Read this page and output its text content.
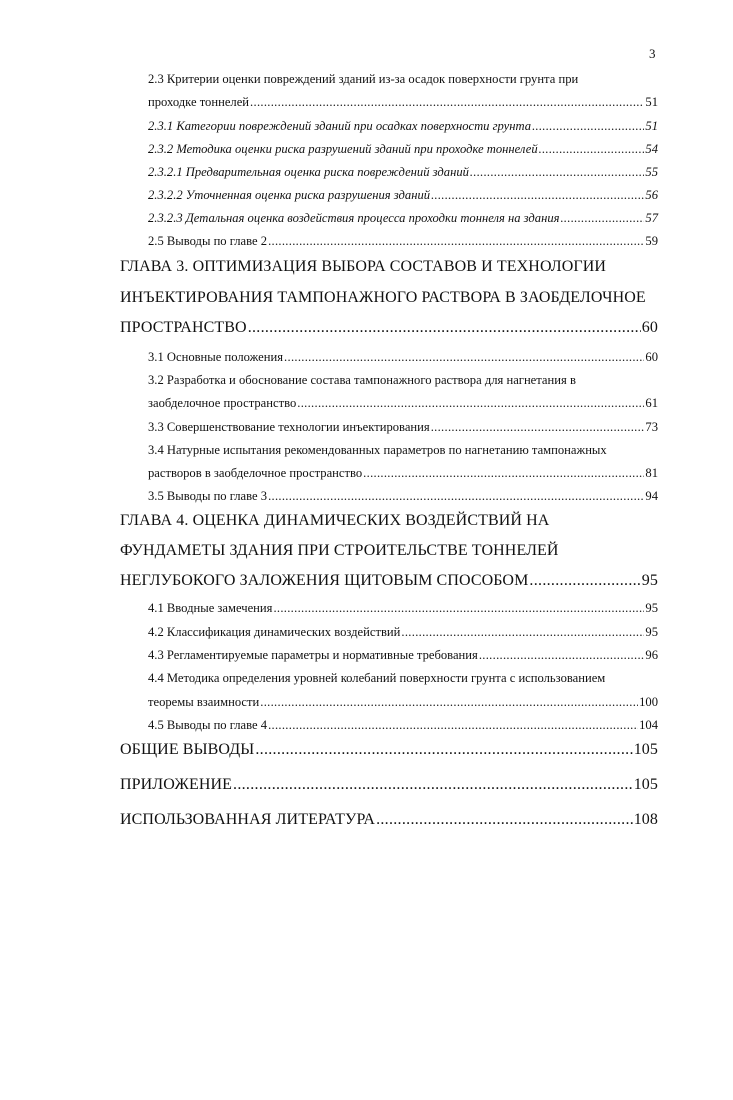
3
2.3 Критерии оценки повреждений зданий из-за осадок поверхности грунта при
проходке тоннелей .....	51
2.3.1 Категории повреждений зданий при осадках поверхности грунта .....	51
2.3.2 Методика оценки риска разрушений зданий при проходке тоннелей .....	54
2.3.2.1 Предварительная оценка риска повреждений зданий .....	55
2.3.2.2 Уточненная оценка риска разрушения зданий .....	56
2.3.2.3 Детальная оценка воздействия процесса проходки тоннеля на здания .....	57
2.5 Выводы по главе 2 .....	59
ГЛАВА 3. ОПТИМИЗАЦИЯ ВЫБОРА СОСТАВОВ И ТЕХНОЛОГИИ
ИНЪЕКТИРОВАНИЯ ТАМПОНАЖНОГО РАСТВОРА В ЗАОБДЕЛОЧНОЕ
ПРОСТРАНСТВО .....	60
3.1 Основные положения .....	60
3.2 Разработка и обоснование состава тампонажного раствора для нагнетания в
заобделочное пространство .....	61
3.3 Совершенствование технологии инъектирования .....	73
3.4 Натурные испытания рекомендованных параметров по нагнетанию тампонажных
растворов в заобделочное пространство .....	81
3.5 Выводы по главе 3 .....	94
ГЛАВА 4. ОЦЕНКА ДИНАМИЧЕСКИХ ВОЗДЕЙСТВИЙ НА
ФУНДАМЕТЫ ЗДАНИЯ ПРИ СТРОИТЕЛЬСТВЕ ТОННЕЛЕЙ
НЕГЛУБОКОГО ЗАЛОЖЕНИЯ ЩИТОВЫМ СПОСОБОМ .....	95
4.1 Вводные замечения .....	95
4.2 Классификация динамических воздействий .....	95
4.3 Регламентируемые параметры и нормативные требования .....	96
4.4 Методика определения уровней колебаний поверхности грунта с использованием
теоремы взаимности .....	100
4.5 Выводы по главе 4 .....	104
ОБЩИЕ ВЫВОДЫ .....	105
ПРИЛОЖЕНИЕ .....	105
ИСПОЛЬЗОВАННАЯ ЛИТЕРАТУРА .....	108
